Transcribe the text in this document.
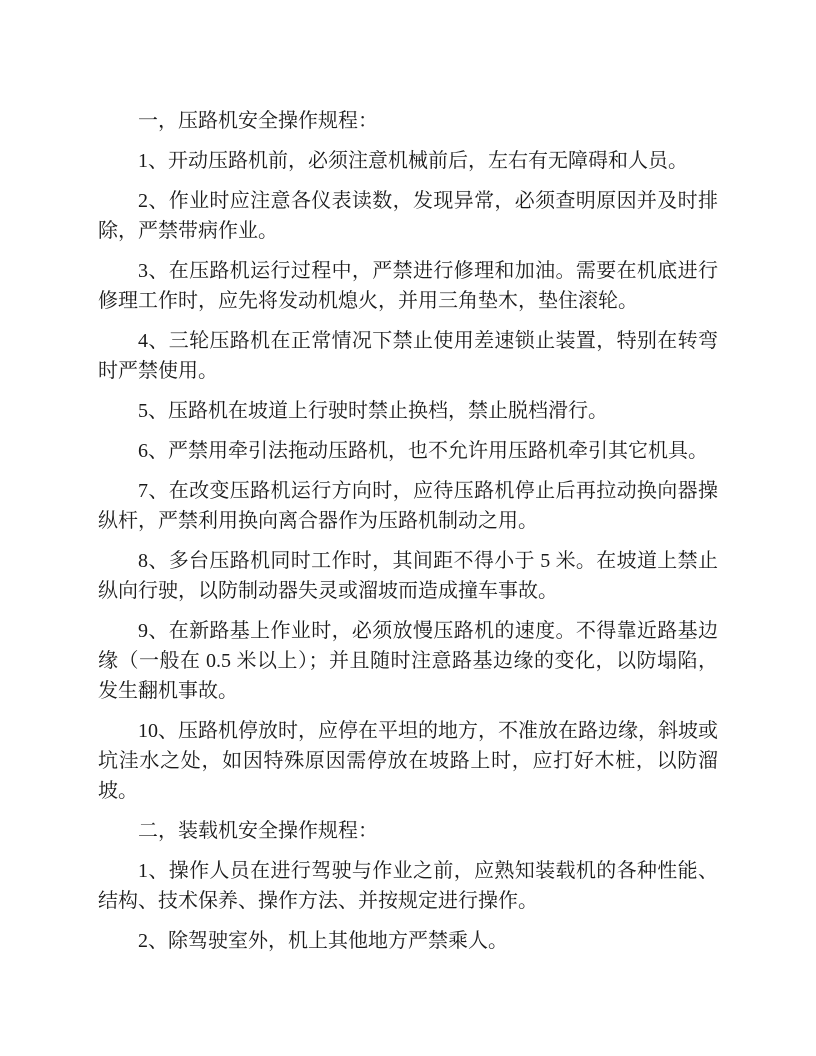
一，压路机安全操作规程：

1、开动压路机前，必须注意机械前后，左右有无障碍和人员。

2、作业时应注意各仪表读数，发现异常，必须查明原因并及时排除，严禁带病作业。

3、在压路机运行过程中，严禁进行修理和加油。需要在机底进行修理工作时，应先将发动机熄火，并用三角垫木，垫住滚轮。

4、三轮压路机在正常情况下禁止使用差速锁止装置，特别在转弯时严禁使用。

5、压路机在坡道上行驶时禁止换档，禁止脱档滑行。

6、严禁用牵引法拖动压路机，也不允许用压路机牵引其它机具。

7、在改变压路机运行方向时，应待压路机停止后再拉动换向器操纵杆，严禁利用换向离合器作为压路机制动之用。

8、多台压路机同时工作时，其间距不得小于 5 米。在坡道上禁止纵向行驶，以防制动器失灵或溜坡而造成撞车事故。

9、在新路基上作业时，必须放慢压路机的速度。不得靠近路基边缘（一般在 0.5 米以上）；并且随时注意路基边缘的变化，以防塌陷，发生翻机事故。

10、压路机停放时，应停在平坦的地方，不准放在路边缘，斜坡或坑洼水之处，如因特殊原因需停放在坡路上时，应打好木桩，以防溜坡。

二，装载机安全操作规程：

1、操作人员在进行驾驶与作业之前，应熟知装载机的各种性能、结构、技术保养、操作方法、并按规定进行操作。

2、除驾驶室外，机上其他地方严禁乘人。
